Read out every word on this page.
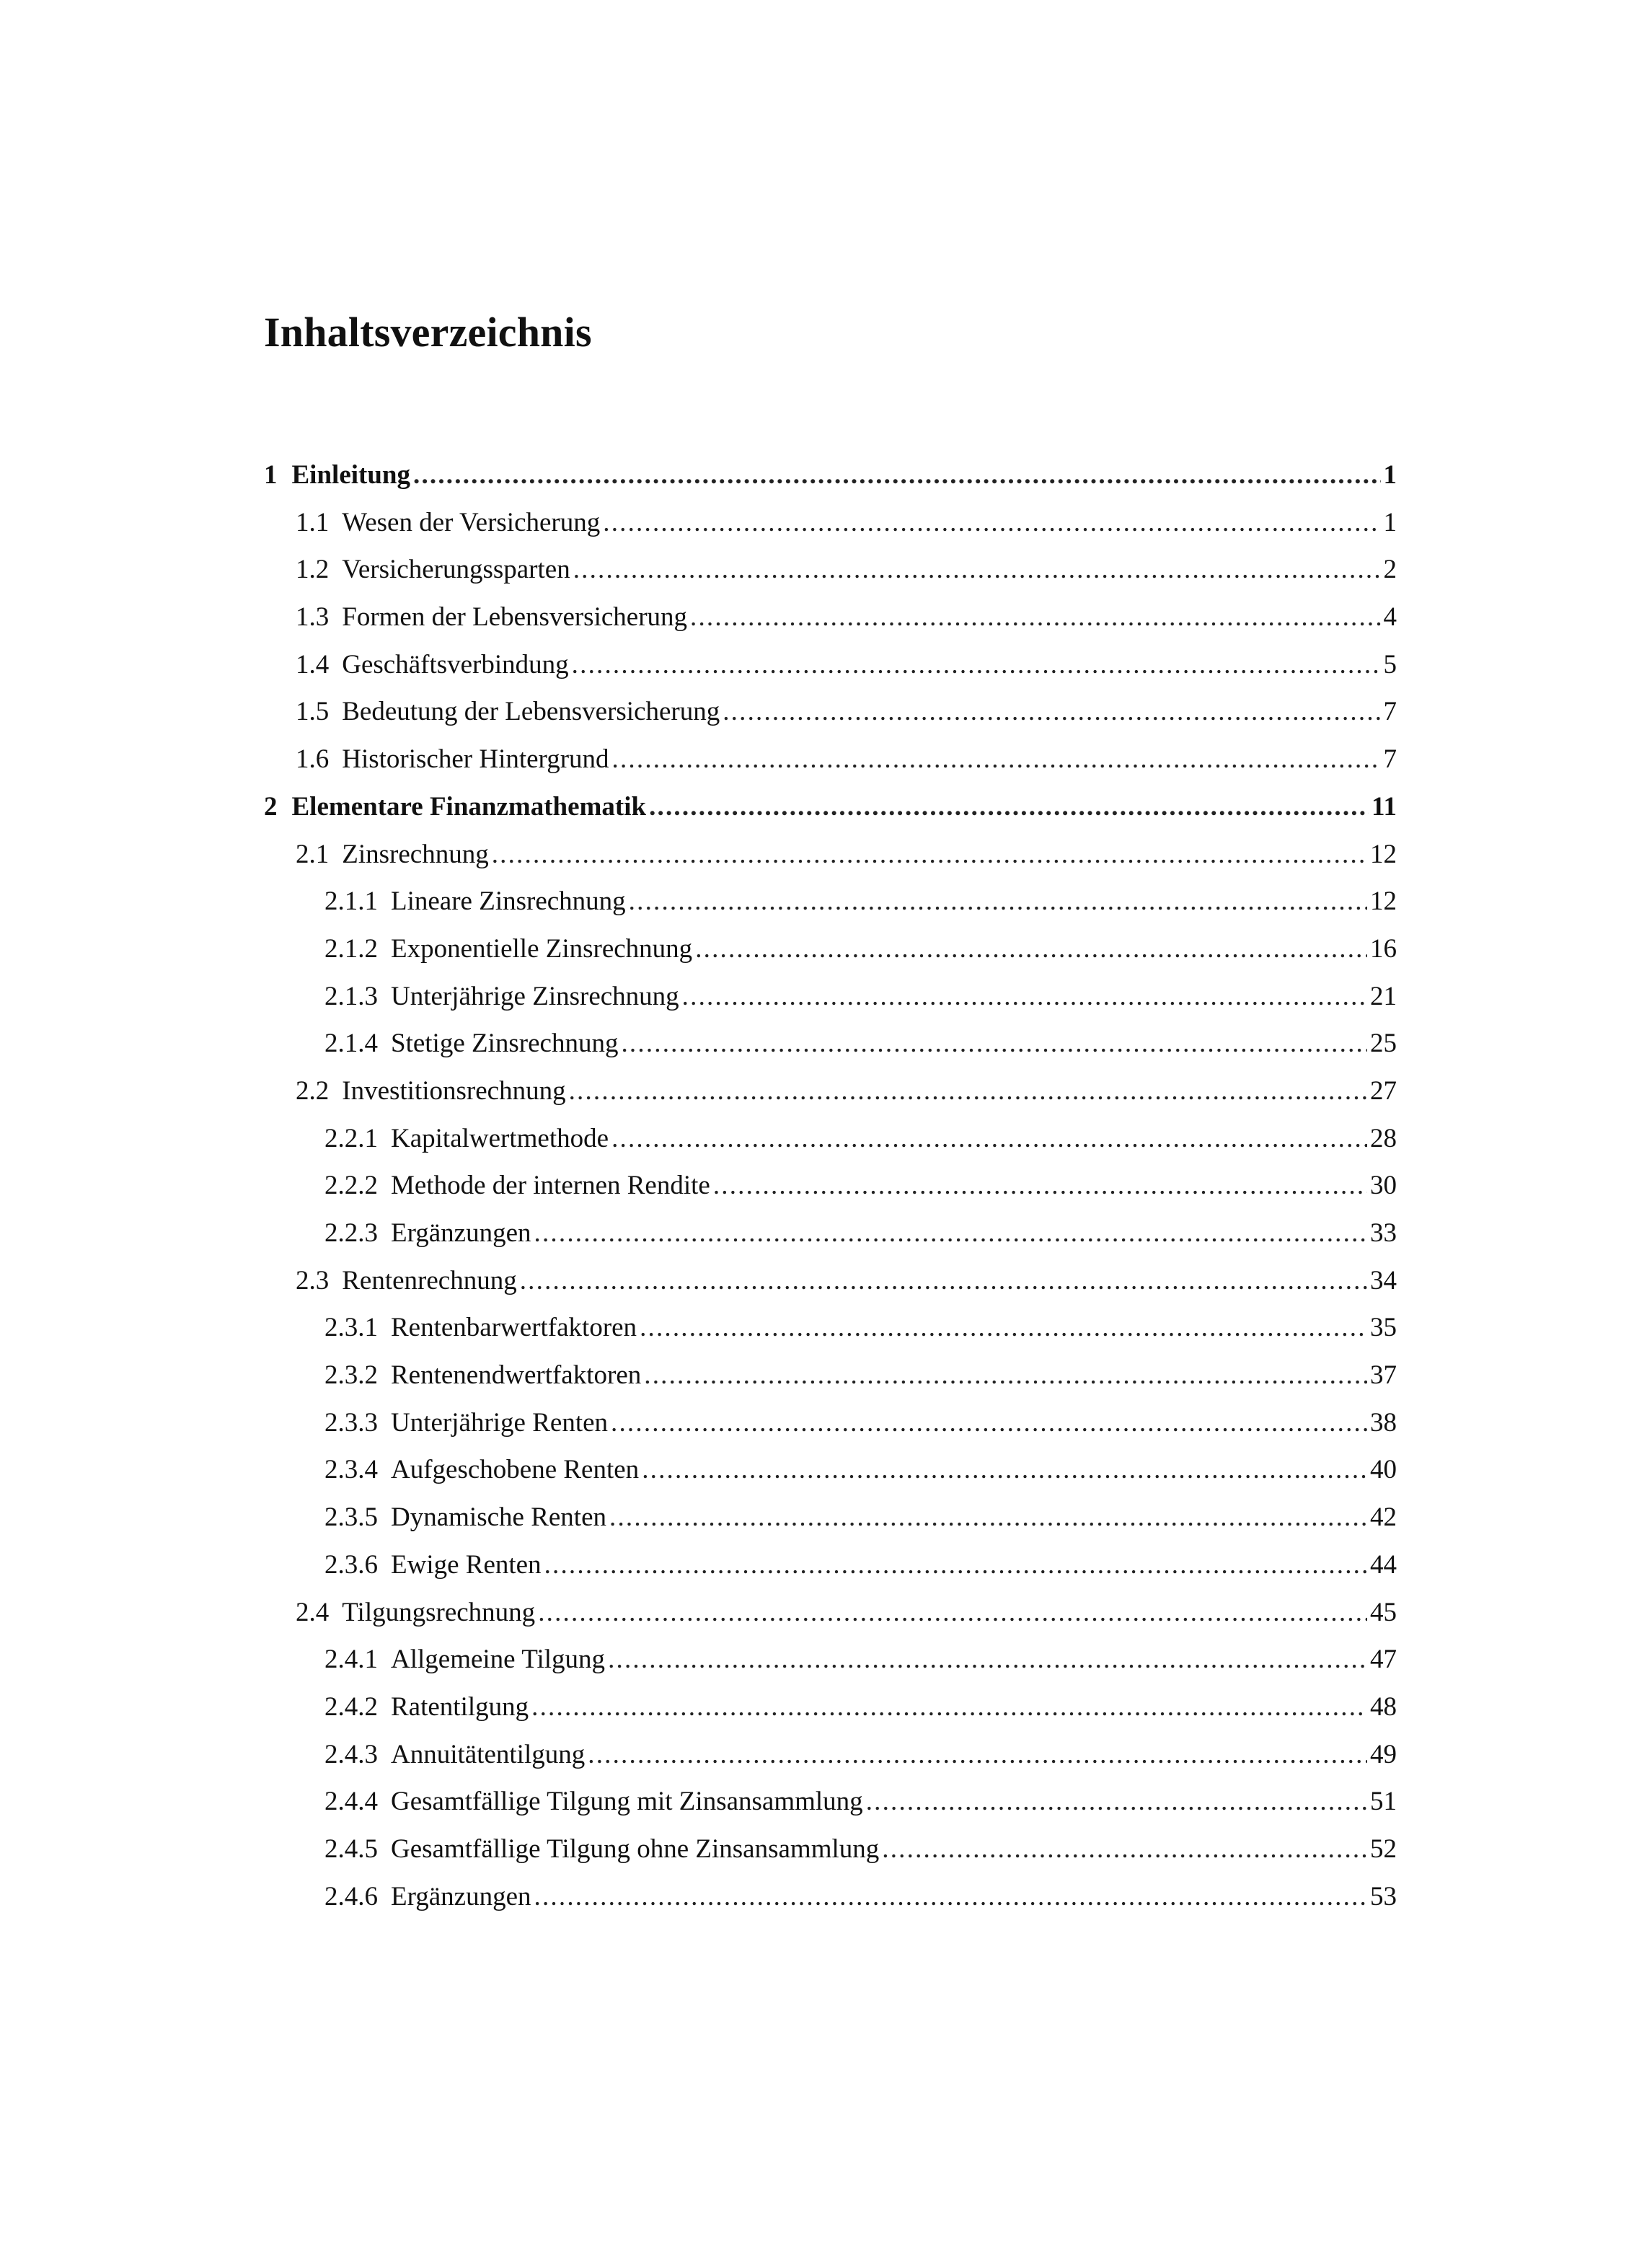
Inhaltsverzeichnis
1 Einleitung .....	1
1.1 Wesen der Versicherung .....	1
1.2 Versicherungssparten .....	2
1.3 Formen der Lebensversicherung .....	4
1.4 Geschäftsverbindung .....	5
1.5 Bedeutung der Lebensversicherung .....	7
1.6 Historischer Hintergrund .....	7
2 Elementare Finanzmathematik .....	11
2.1 Zinsrechnung .....	12
2.1.1 Lineare Zinsrechnung .....	12
2.1.2 Exponentielle Zinsrechnung .....	16
2.1.3 Unterjährige Zinsrechnung .....	21
2.1.4 Stetige Zinsrechnung .....	25
2.2 Investitionsrechnung .....	27
2.2.1 Kapitalwertmethode .....	28
2.2.2 Methode der internen Rendite .....	30
2.2.3 Ergänzungen .....	33
2.3 Rentenrechnung .....	34
2.3.1 Rentenbarwertfaktoren .....	35
2.3.2 Rentenendwertfaktoren .....	37
2.3.3 Unterjährige Renten .....	38
2.3.4 Aufgeschobene Renten .....	40
2.3.5 Dynamische Renten .....	42
2.3.6 Ewige Renten .....	44
2.4 Tilgungsrechnung .....	45
2.4.1 Allgemeine Tilgung .....	47
2.4.2 Ratentilgung .....	48
2.4.3 Annuitätentilgung .....	49
2.4.4 Gesamtfällige Tilgung mit Zinsansammlung .....	51
2.4.5 Gesamtfällige Tilgung ohne Zinsansammlung .....	52
2.4.6 Ergänzungen .....	53
